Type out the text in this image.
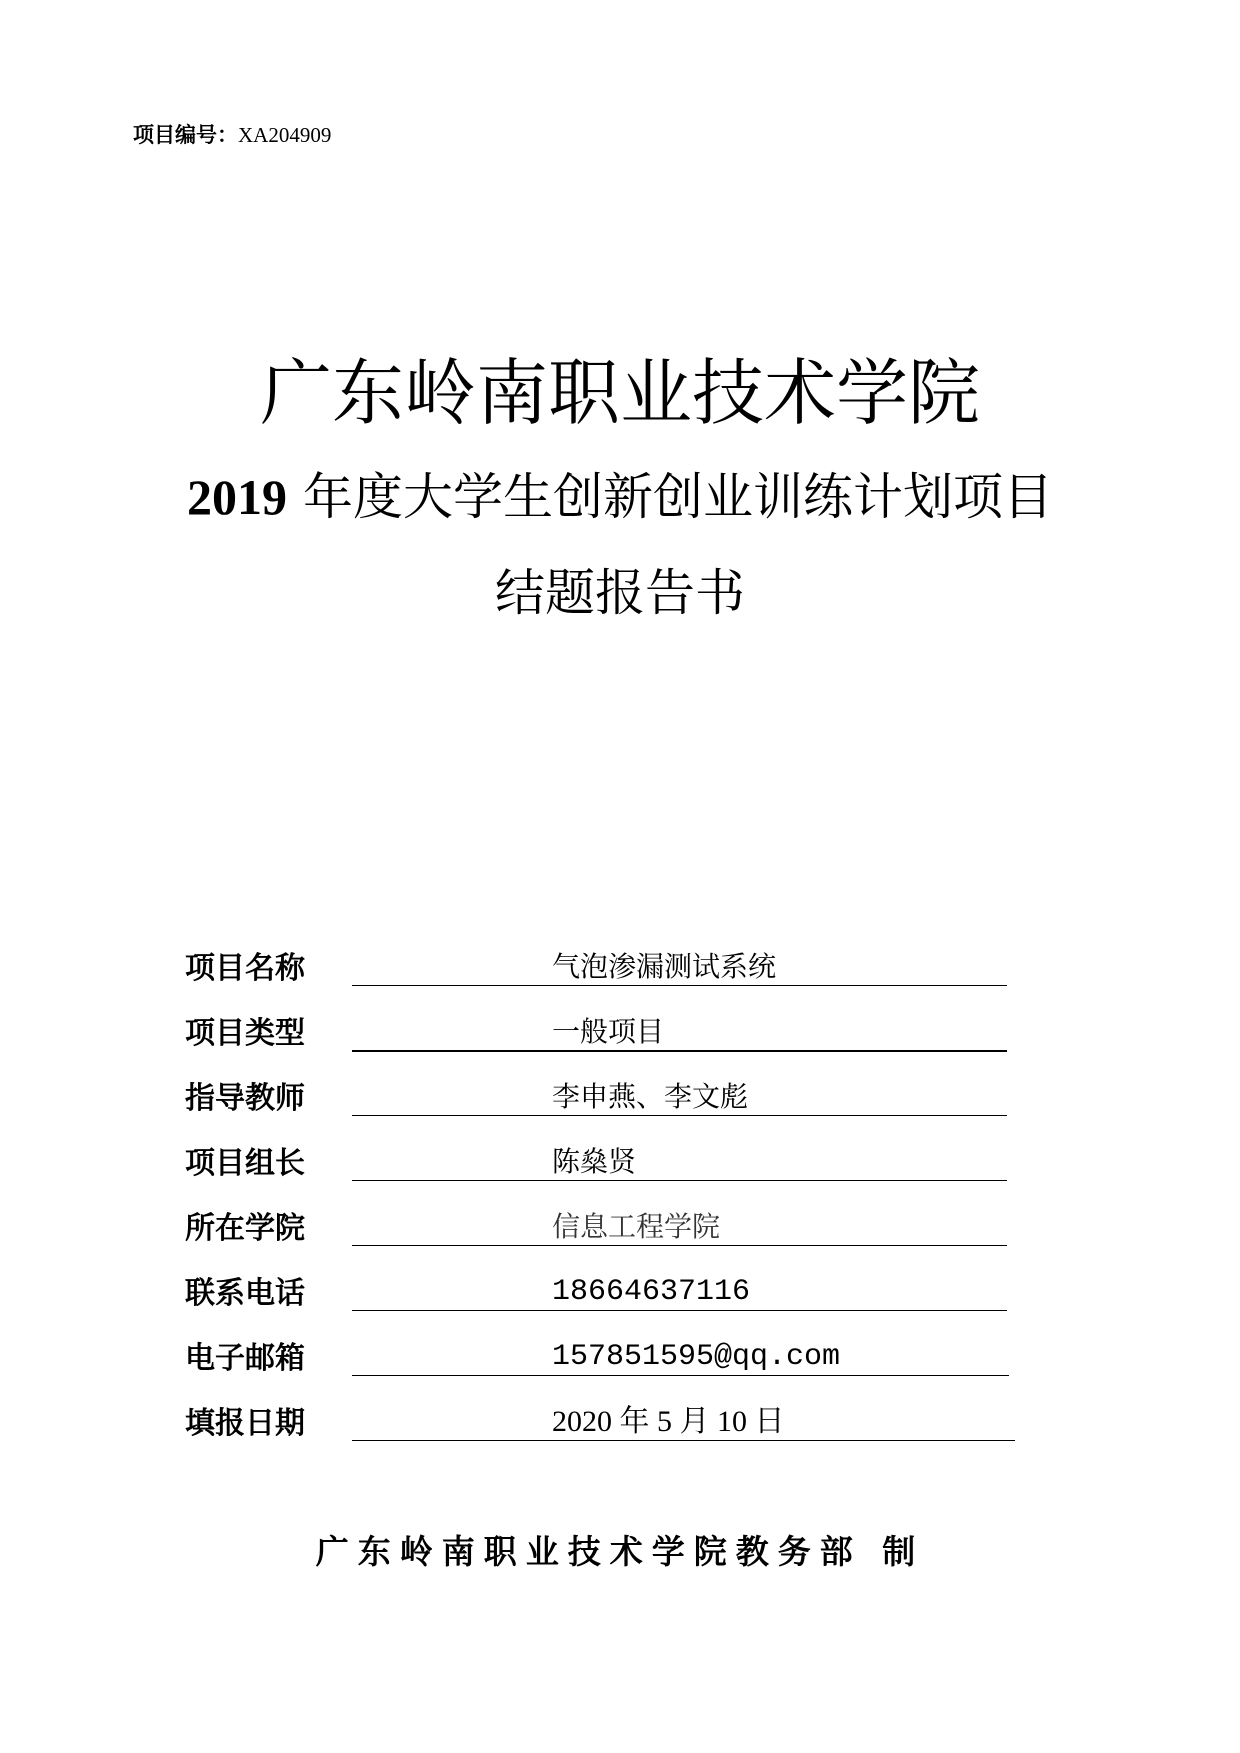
项目编号：XA204909
广东岭南职业技术学院
2019 年度大学生创新创业训练计划项目
结题报告书
项目名称	气泡渗漏测试系统
项目类型	一般项目
指导教师	李申燕、李文彪
项目组长	陈燊贤
所在学院	信息工程学院
联系电话	18664637116
电子邮箱	157851595@qq.com
填报日期	2020 年 5 月 10 日
广东岭南职业技术学院教务部 制
